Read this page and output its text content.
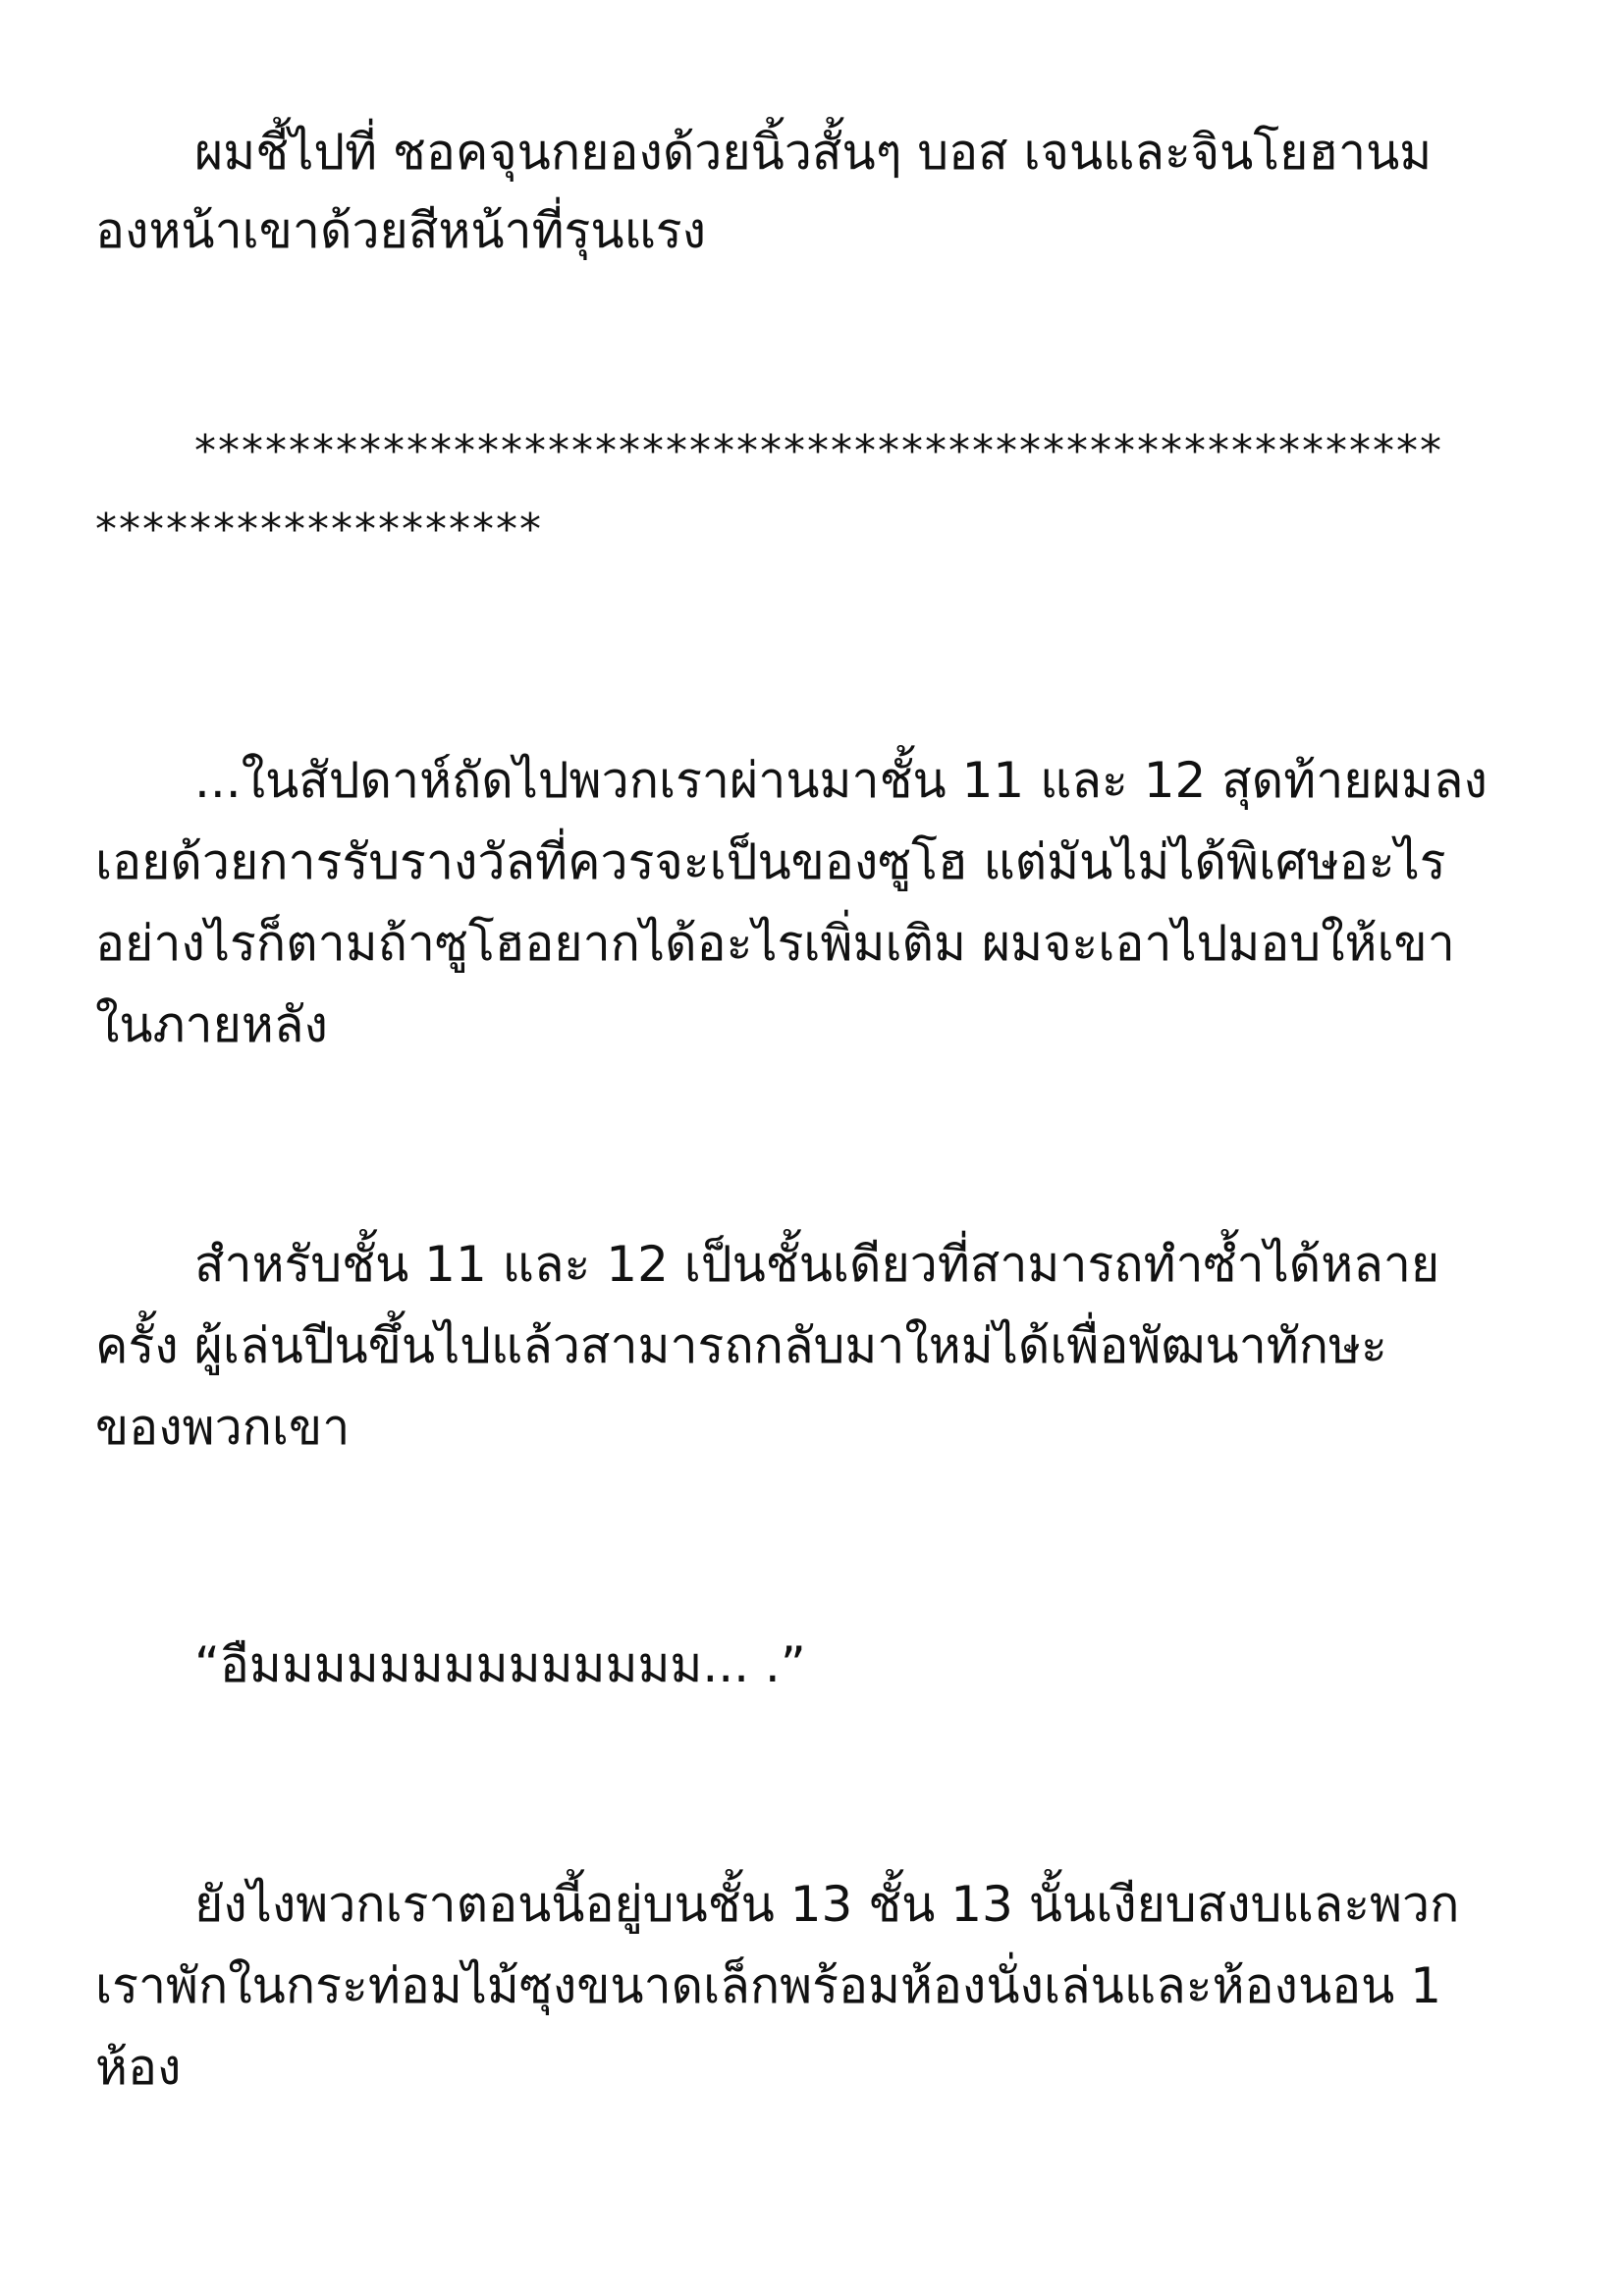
ผมชี้ไปที่ ชอคจุนกยองด้วยนิ้วสั้นๆ บอส เจนและจินโยฮานม
องหน้าเขาด้วยสีหน้าที่รุนแรง
*****************************************************
*******************
...ในสัปดาห์ถัดไปพวกเราผ่านมาชั้น 11 และ 12 สุดท้ายผมลง
เอยด้วยการรับรางวัลที่ควรจะเป็นของซูโฮ แต่มันไม่ได้พิเศษอะไร
อย่างไรก็ตามถ้าซูโฮอยากได้อะไรเพิ่มเติม ผมจะเอาไปมอบให้เขา
ในภายหลัง
สำหรับชั้น 11 และ 12 เป็นชั้นเดียวที่สามารถทำซ้ำได้หลาย
ครั้ง ผู้เล่นปีนขึ้นไปแล้วสามารถกลับมาใหม่ได้เพื่อพัฒนาทักษะ
ของพวกเขา
“อืมมมมมมมมมมมมมม... .”
ยังไงพวกเราตอนนี้อยู่บนชั้น 13 ชั้น 13 นั้นเงียบสงบและพวก
เราพักในกระท่อมไม้ซุงขนาดเล็กพร้อมห้องนั่งเล่นและห้องนอน 1
ห้อง
